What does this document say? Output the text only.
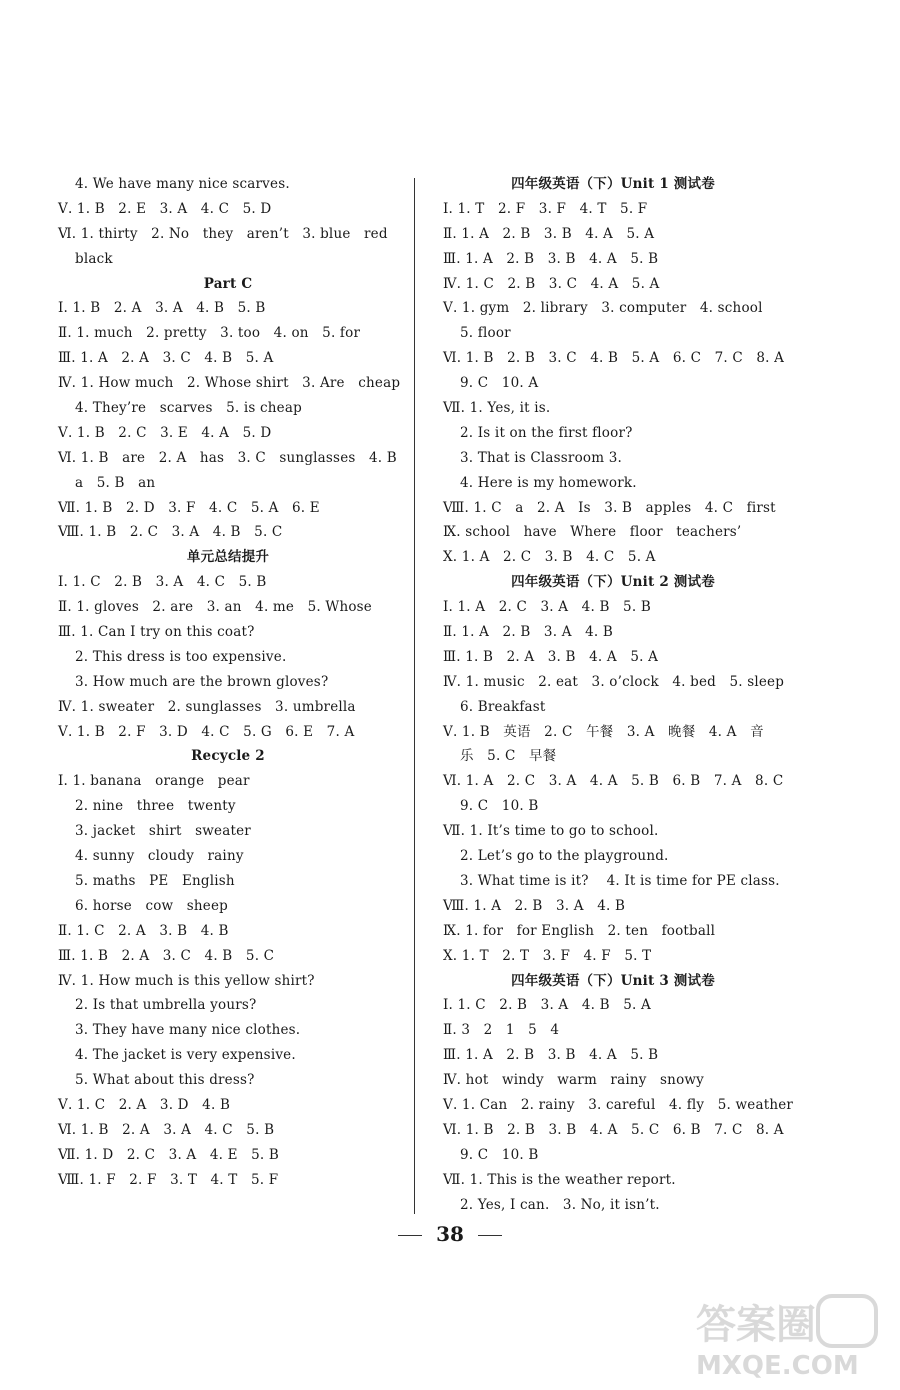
4. We have many nice scarves.
Ⅴ. 1. B   2. E   3. A   4. C   5. D
Ⅵ. 1. thirty   2. No   they   aren’t   3. blue   red
black
Part C
Ⅰ. 1. B   2. A   3. A   4. B   5. B
Ⅱ. 1. much   2. pretty   3. too   4. on   5. for
Ⅲ. 1. A   2. A   3. C   4. B   5. A
Ⅳ. 1. How much   2. Whose shirt   3. Are   cheap
4. They’re   scarves   5. is cheap
Ⅴ. 1. B   2. C   3. E   4. A   5. D
Ⅵ. 1. B   are   2. A   has   3. C   sunglasses   4. B
a   5. B   an
Ⅶ. 1. B   2. D   3. F   4. C   5. A   6. E
Ⅷ. 1. B   2. C   3. A   4. B   5. C
单元总结提升
Ⅰ. 1. C   2. B   3. A   4. C   5. B
Ⅱ. 1. gloves   2. are   3. an   4. me   5. Whose
Ⅲ. 1. Can I try on this coat?
2. This dress is too expensive.
3. How much are the brown gloves?
Ⅳ. 1. sweater   2. sunglasses   3. umbrella
Ⅴ. 1. B   2. F   3. D   4. C   5. G   6. E   7. A
Recycle 2
Ⅰ. 1. banana   orange   pear
2. nine   three   twenty
3. jacket   shirt   sweater
4. sunny   cloudy   rainy
5. maths   PE   English
6. horse   cow   sheep
Ⅱ. 1. C   2. A   3. B   4. B
Ⅲ. 1. B   2. A   3. C   4. B   5. C
Ⅳ. 1. How much is this yellow shirt?
2. Is that umbrella yours?
3. They have many nice clothes.
4. The jacket is very expensive.
5. What about this dress?
Ⅴ. 1. C   2. A   3. D   4. B
Ⅵ. 1. B   2. A   3. A   4. C   5. B
Ⅶ. 1. D   2. C   3. A   4. E   5. B
Ⅷ. 1. F   2. F   3. T   4. T   5. F
四年级英语（下）Unit 1 测试卷
Ⅰ. 1. T   2. F   3. F   4. T   5. F
Ⅱ. 1. A   2. B   3. B   4. A   5. A
Ⅲ. 1. A   2. B   3. B   4. A   5. B
Ⅳ. 1. C   2. B   3. C   4. A   5. A
Ⅴ. 1. gym   2. library   3. computer   4. school
5. floor
Ⅵ. 1. B   2. B   3. C   4. B   5. A   6. C   7. C   8. A
9. C   10. A
Ⅶ. 1. Yes, it is.
2. Is it on the first floor?
3. That is Classroom 3.
4. Here is my homework.
Ⅷ. 1. C   a   2. A   Is   3. B   apples   4. C   first
Ⅸ. school   have   Where   floor   teachers’
Ⅹ. 1. A   2. C   3. B   4. C   5. A
四年级英语（下）Unit 2 测试卷
Ⅰ. 1. A   2. C   3. A   4. B   5. B
Ⅱ. 1. A   2. B   3. A   4. B
Ⅲ. 1. B   2. A   3. B   4. A   5. A
Ⅳ. 1. music   2. eat   3. o’clock   4. bed   5. sleep
6. Breakfast
Ⅴ. 1. B   英语   2. C   午餐   3. A   晚餐   4. A   音
乐   5. C   早餐
Ⅵ. 1. A   2. C   3. A   4. A   5. B   6. B   7. A   8. C
9. C   10. B
Ⅶ. 1. It’s time to go to school.
2. Let’s go to the playground.
3. What time is it?    4. It is time for PE class.
Ⅷ. 1. A   2. B   3. A   4. B
Ⅸ. 1. for   for English   2. ten   football
Ⅹ. 1. T   2. T   3. F   4. F   5. T
四年级英语（下）Unit 3 测试卷
Ⅰ. 1. C   2. B   3. A   4. B   5. A
Ⅱ. 3   2   1   5   4
Ⅲ. 1. A   2. B   3. B   4. A   5. B
Ⅳ. hot   windy   warm   rainy   snowy
Ⅴ. 1. Can   2. rainy   3. careful   4. fly   5. weather
Ⅵ. 1. B   2. B   3. B   4. A   5. C   6. B   7. C   8. A
9. C   10. B
Ⅶ. 1. This is the weather report.
2. Yes, I can.   3. No, it isn’t.
38
答案圈
MXQE.COM
